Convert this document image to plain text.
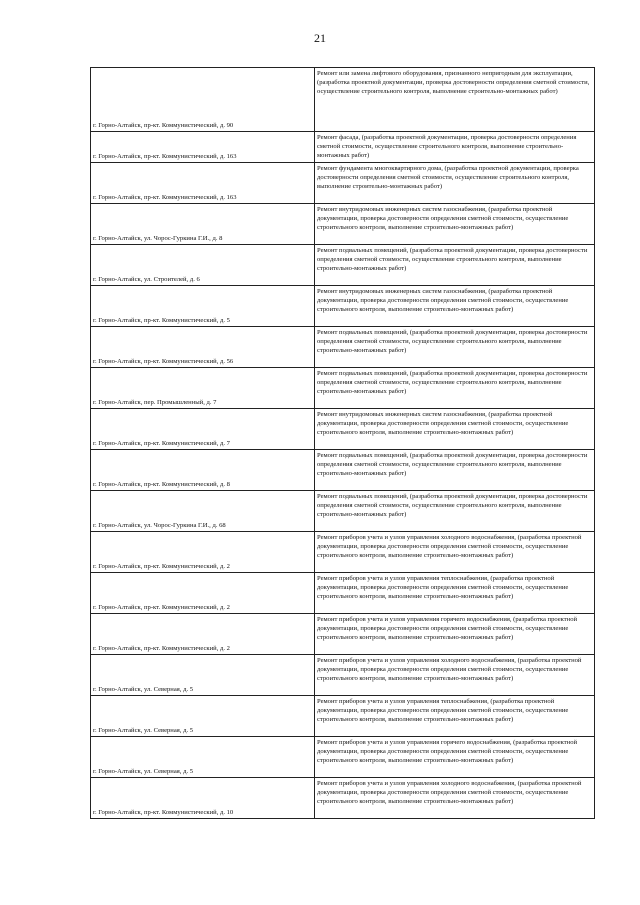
21
г. Горно-Алтайск, пр-кт. Коммунистический, д. 90	Ремонт или замена лифтового оборудования, признанного непригодным для эксплуатации, (разработка проектной документации, проверка достоверности определения сметной стоимости, осуществление строительного контроля, выполнение строительно-монтажных работ)
г. Горно-Алтайск, пр-кт. Коммунистический, д. 163	Ремонт фасада, (разработка проектной документации, проверка достоверности определения сметной стоимости, осуществление строительного контроля, выполнение строительно-монтажных работ)
г. Горно-Алтайск, пр-кт. Коммунистический, д. 163	Ремонт фундамента многоквартирного дома, (разработка проектной документации, проверка достоверности определения сметной стоимости, осуществление строительного контроля, выполнение строительно-монтажных работ)
г. Горно-Алтайск, ул. Чорос-Гуркина Г.И., д. 8	Ремонт внутридомовых инженерных систем газоснабжения, (разработка проектной документации, проверка достоверности определения сметной стоимости, осуществление строительного контроля, выполнение строительно-монтажных работ)
г. Горно-Алтайск, ул. Строителей, д. 6	Ремонт подвальных помещений, (разработка проектной документации, проверка достоверности определения сметной стоимости, осуществление строительного контроля, выполнение строительно-монтажных работ)
г. Горно-Алтайск, пр-кт. Коммунистический, д. 5	Ремонт внутридомовых инженерных систем газоснабжения, (разработка проектной документации, проверка достоверности определения сметной стоимости, осуществление строительного контроля, выполнение строительно-монтажных работ)
г. Горно-Алтайск, пр-кт. Коммунистический, д. 56	Ремонт подвальных помещений, (разработка проектной документации, проверка достоверности определения сметной стоимости, осуществление строительного контроля, выполнение строительно-монтажных работ)
г. Горно-Алтайск, пер. Промышленный, д. 7	Ремонт подвальных помещений, (разработка проектной документации, проверка достоверности определения сметной стоимости, осуществление строительного контроля, выполнение строительно-монтажных работ)
г. Горно-Алтайск, пр-кт. Коммунистический, д. 7	Ремонт внутридомовых инженерных систем газоснабжения, (разработка проектной документации, проверка достоверности определения сметной стоимости, осуществление строительного контроля, выполнение строительно-монтажных работ)
г. Горно-Алтайск, пр-кт. Коммунистический, д. 8	Ремонт подвальных помещений, (разработка проектной документации, проверка достоверности определения сметной стоимости, осуществление строительного контроля, выполнение строительно-монтажных работ)
г. Горно-Алтайск, ул. Чорос-Гуркина Г.И., д. 68	Ремонт подвальных помещений, (разработка проектной документации, проверка достоверности определения сметной стоимости, осуществление строительного контроля, выполнение строительно-монтажных работ)
г. Горно-Алтайск, пр-кт. Коммунистический, д. 2	Ремонт приборов учета и узлов управления холодного водоснабжения, (разработка проектной документации, проверка достоверности определения сметной стоимости, осуществление строительного контроля, выполнение строительно-монтажных работ)
г. Горно-Алтайск, пр-кт. Коммунистический, д. 2	Ремонт приборов учета и узлов управления теплоснабжения, (разработка проектной документации, проверка достоверности определения сметной стоимости, осуществление строительного контроля, выполнение строительно-монтажных работ)
г. Горно-Алтайск, пр-кт. Коммунистический, д. 2	Ремонт приборов учета и узлов управления горячего водоснабжения, (разработка проектной документации, проверка достоверности определения сметной стоимости, осуществление строительного контроля, выполнение строительно-монтажных работ)
г. Горно-Алтайск, ул. Северная, д. 5	Ремонт приборов учета и узлов управления холодного водоснабжения, (разработка проектной документации, проверка достоверности определения сметной стоимости, осуществление строительного контроля, выполнение строительно-монтажных работ)
г. Горно-Алтайск, ул. Северная, д. 5	Ремонт приборов учета и узлов управления теплоснабжения, (разработка проектной документации, проверка достоверности определения сметной стоимости, осуществление строительного контроля, выполнение строительно-монтажных работ)
г. Горно-Алтайск, ул. Северная, д. 5	Ремонт приборов учета и узлов управления горячего водоснабжения, (разработка проектной документации, проверка достоверности определения сметной стоимости, осуществление строительного контроля, выполнение строительно-монтажных работ)
г. Горно-Алтайск, пр-кт. Коммунистический, д. 10	Ремонт приборов учета и узлов управления холодного водоснабжения, (разработка проектной документации, проверка достоверности определения сметной стоимости, осуществление строительного контроля, выполнение строительно-монтажных работ)
